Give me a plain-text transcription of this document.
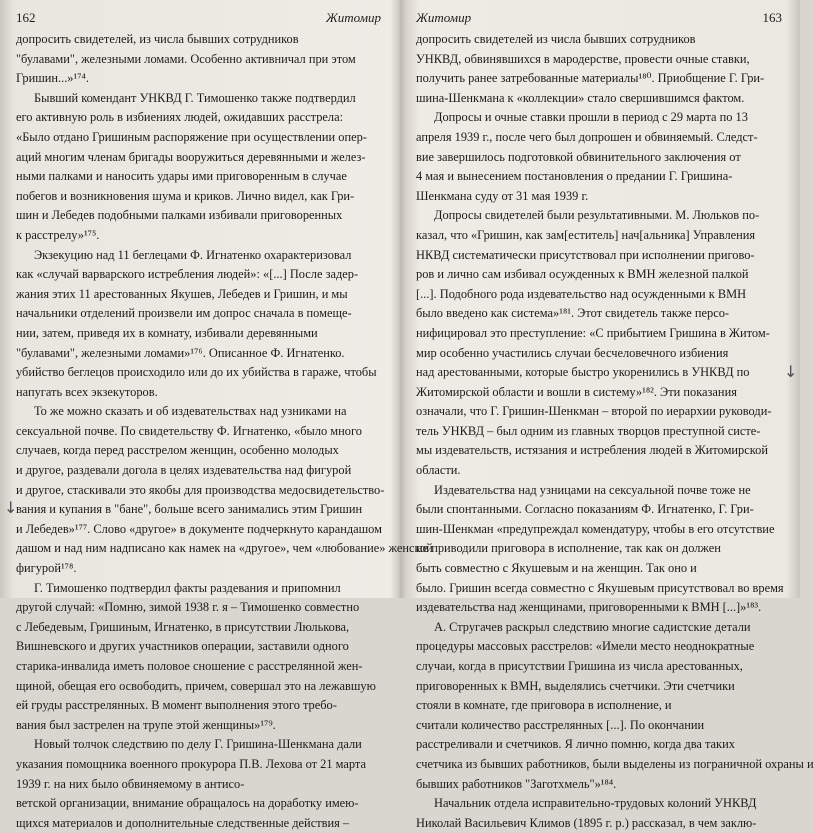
162	Житомир
допросить свидетелей, из числа бывших сотрудников
"булавами", железными ломами. Особенно активничал при этом
Гришин...»¹⁷⁴.
Бывший комендант УНКВД Г. Тимошенко также подтвердил
его активную роль в избиениях людей, ожидавших расстрела:
«Было отдано Гришиным распоряжение при осуществлении опер-
аций многим членам бригады вооружиться деревянными и желез-
ными палками и наносить удары ими приговоренным в случае
побегов и возникновения шума и криков. Лично видел, как Гри-
шин и Лебедев подобными палками избивали приговоренных
к расстрелу»¹⁷⁵.
Экзекуцию над 11 беглецами Ф. Игнатенко охарактеризовал
как «случай варварского истребления людей»: «[...] После задер-
жания этих 11 арестованных Якушев, Лебедев и Гришин, и мы
начальники отделений произвели им допрос сначала в помеще-
нии, затем, приведя их в комнату, избивали деревянными
"булавами", железными ломами»¹⁷⁶. Описанное Ф. Игнатенко.
убийство беглецов происходило или до их убийства в гараже, чтобы
напугать всех экзекуторов.
То же можно сказать и об издевательствах над узниками на
сексуальной почве. По свидетельству Ф. Игнатенко, «было много
случаев, когда перед расстрелом женщин, особенно молодых
и другое, раздевали догола в целях издевательства над фигурой
и другое, стаскивали это якобы для производства медосвидетельство-
вания и купания в "бане", больше всего занимались этим Гришин
и Лебедев»¹⁷⁷. Слово «другое» в документе подчеркнуто карандашом
дашом и над ним надписано как намек на «другое», чем «любование» женской
фигурой¹⁷⁸.
Г. Тимошенко подтвердил факты раздевания и припомнил
другой случай: «Помню, зимой 1938 г. я – Тимошенко совместно
с Лебедевым, Гришиным, Игнатенко, в присутствии Люлькова,
Вишневского и других участников операции, заставили одного
старика-инвалида иметь половое сношение с расстрелянной жен-
щиной, обещая его освободить, причем, совершал это на лежавшую
ей груды расстрелянных. В момент выполнения этого требо-
вания был застрелен на трупе этой женщины»¹⁷⁹.
Новый толчок следствию по делу Г. Гришина-Шенкмана дали
указания помощника военного прокурора П.В. Лехова от 21 марта
1939 г. на них было обвиняемому в антисо-
ветской организации, внимание обращалось на доработку имею-
щихся материалов и дополнительные следственные действия –
Житомир	163
допросить свидетелей из числа бывших сотрудников
УНКВД, обвинявшихся в мародерстве, провести очные ставки,
получить ранее затребованные материалы¹⁸⁰. Приобщение Г. Гри-
шина-Шенкмана к «коллекции» стало свершившимся фактом.
Допросы и очные ставки прошли в период с 29 марта по 13
апреля 1939 г., после чего был допрошен и обвиняемый. Следст-
вие завершилось подготовкой обвинительного заключения от
4 мая и вынесением постановления о предании Г. Гришина-
Шенкмана суду от 31 мая 1939 г.
Допросы свидетелей были результативными. М. Люльков по-
казал, что «Гришин, как зам[еститель] нач[альника] Управления
НКВД систематически присутствовал при исполнении пригово-
ров и лично сам избивал осужденных к ВМН железной палкой
[...]. Подобного рода издевательство над осужденными к ВМН
было введено как система»¹⁸¹. Этот свидетель также персо-
нифицировал это преступление: «С прибытием Гришина в Житом-
мир особенно участились случаи бесчеловечного избиения
над арестованными, которые быстро укоренились в УНКВД по
Житомирской области и вошли в систему»¹⁸². Эти показания
означали, что Г. Гришин-Шенкман – второй по иерархии руководи-
тель УНКВД – был одним из главных творцов преступной систе-
мы издевательств, истязания и истребления людей в Житомирской
области.
Издевательства над узницами на сексуальной почве тоже не
были спонтанными. Согласно показаниям Ф. Игнатенко, Г. Гри-
шин-Шенкман «предупреждал комендатуру, чтобы в его отсутствие
не приводили приговора в исполнение, так как он должен
быть совместно с Якушевым и на женщин. Так оно и
было. Гришин всегда совместно с Якушевым присутствовал во время
издевательства над женщинами, приговоренными к ВМН [...]»¹⁸³.
А. Стругачев раскрыл следствию многие садистские детали
процедуры массовых расстрелов: «Имели место неоднократные
случаи, когда в присутствии Гришина из числа арестованных,
приговоренных к ВМН, выделялись счетчики. Эти счетчики
стояли в комнате, где приговора в исполнение, и
считали количество расстрелянных [...]. По окончании
расстреливали и счетчиков. Я лично помню, когда два таких
счетчика из бывших работников, были выделены из пограничной охраны и
бывших работников "Заготхмель"»¹⁸⁴.
Начальник отдела исправительно-трудовых колоний УНКВД
Николай Васильевич Климов (1895 г. р.) рассказал, в чем заклю-
↓
↓
